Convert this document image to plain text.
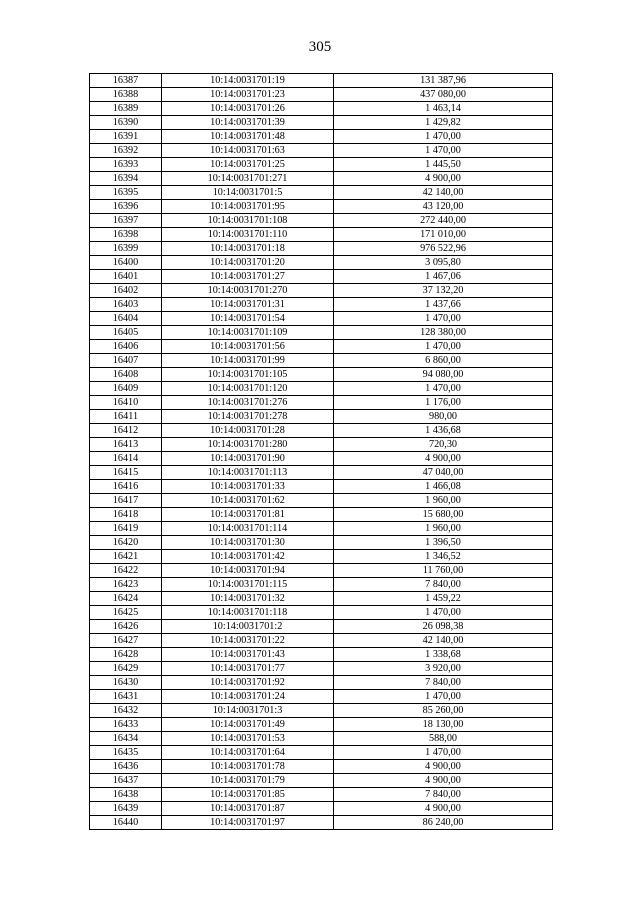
305
16387	10:14:0031701:19	131 387,96
16388	10:14:0031701:23	437 080,00
16389	10:14:0031701:26	1 463,14
16390	10:14:0031701:39	1 429,82
16391	10:14:0031701:48	1 470,00
16392	10:14:0031701:63	1 470,00
16393	10:14:0031701:25	1 445,50
16394	10:14:0031701:271	4 900,00
16395	10:14:0031701:5	42 140,00
16396	10:14:0031701:95	43 120,00
16397	10:14:0031701:108	272 440,00
16398	10:14:0031701:110	171 010,00
16399	10:14:0031701:18	976 522,96
16400	10:14:0031701:20	3 095,80
16401	10:14:0031701:27	1 467,06
16402	10:14:0031701:270	37 132,20
16403	10:14:0031701:31	1 437,66
16404	10:14:0031701:54	1 470,00
16405	10:14:0031701:109	128 380,00
16406	10:14:0031701:56	1 470,00
16407	10:14:0031701:99	6 860,00
16408	10:14:0031701:105	94 080,00
16409	10:14:0031701:120	1 470,00
16410	10:14:0031701:276	1 176,00
16411	10:14:0031701:278	980,00
16412	10:14:0031701:28	1 436,68
16413	10:14:0031701:280	720,30
16414	10:14:0031701:90	4 900,00
16415	10:14:0031701:113	47 040,00
16416	10:14:0031701:33	1 466,08
16417	10:14:0031701:62	1 960,00
16418	10:14:0031701:81	15 680,00
16419	10:14:0031701:114	1 960,00
16420	10:14:0031701:30	1 396,50
16421	10:14:0031701:42	1 346,52
16422	10:14:0031701:94	11 760,00
16423	10:14:0031701:115	7 840,00
16424	10:14:0031701:32	1 459,22
16425	10:14:0031701:118	1 470,00
16426	10:14:0031701:2	26 098,38
16427	10:14:0031701:22	42 140,00
16428	10:14:0031701:43	1 338,68
16429	10:14:0031701:77	3 920,00
16430	10:14:0031701:92	7 840,00
16431	10:14:0031701:24	1 470,00
16432	10:14:0031701:3	85 260,00
16433	10:14:0031701:49	18 130,00
16434	10:14:0031701:53	588,00
16435	10:14:0031701:64	1 470,00
16436	10:14:0031701:78	4 900,00
16437	10:14:0031701:79	4 900,00
16438	10:14:0031701:85	7 840,00
16439	10:14:0031701:87	4 900,00
16440	10:14:0031701:97	86 240,00
